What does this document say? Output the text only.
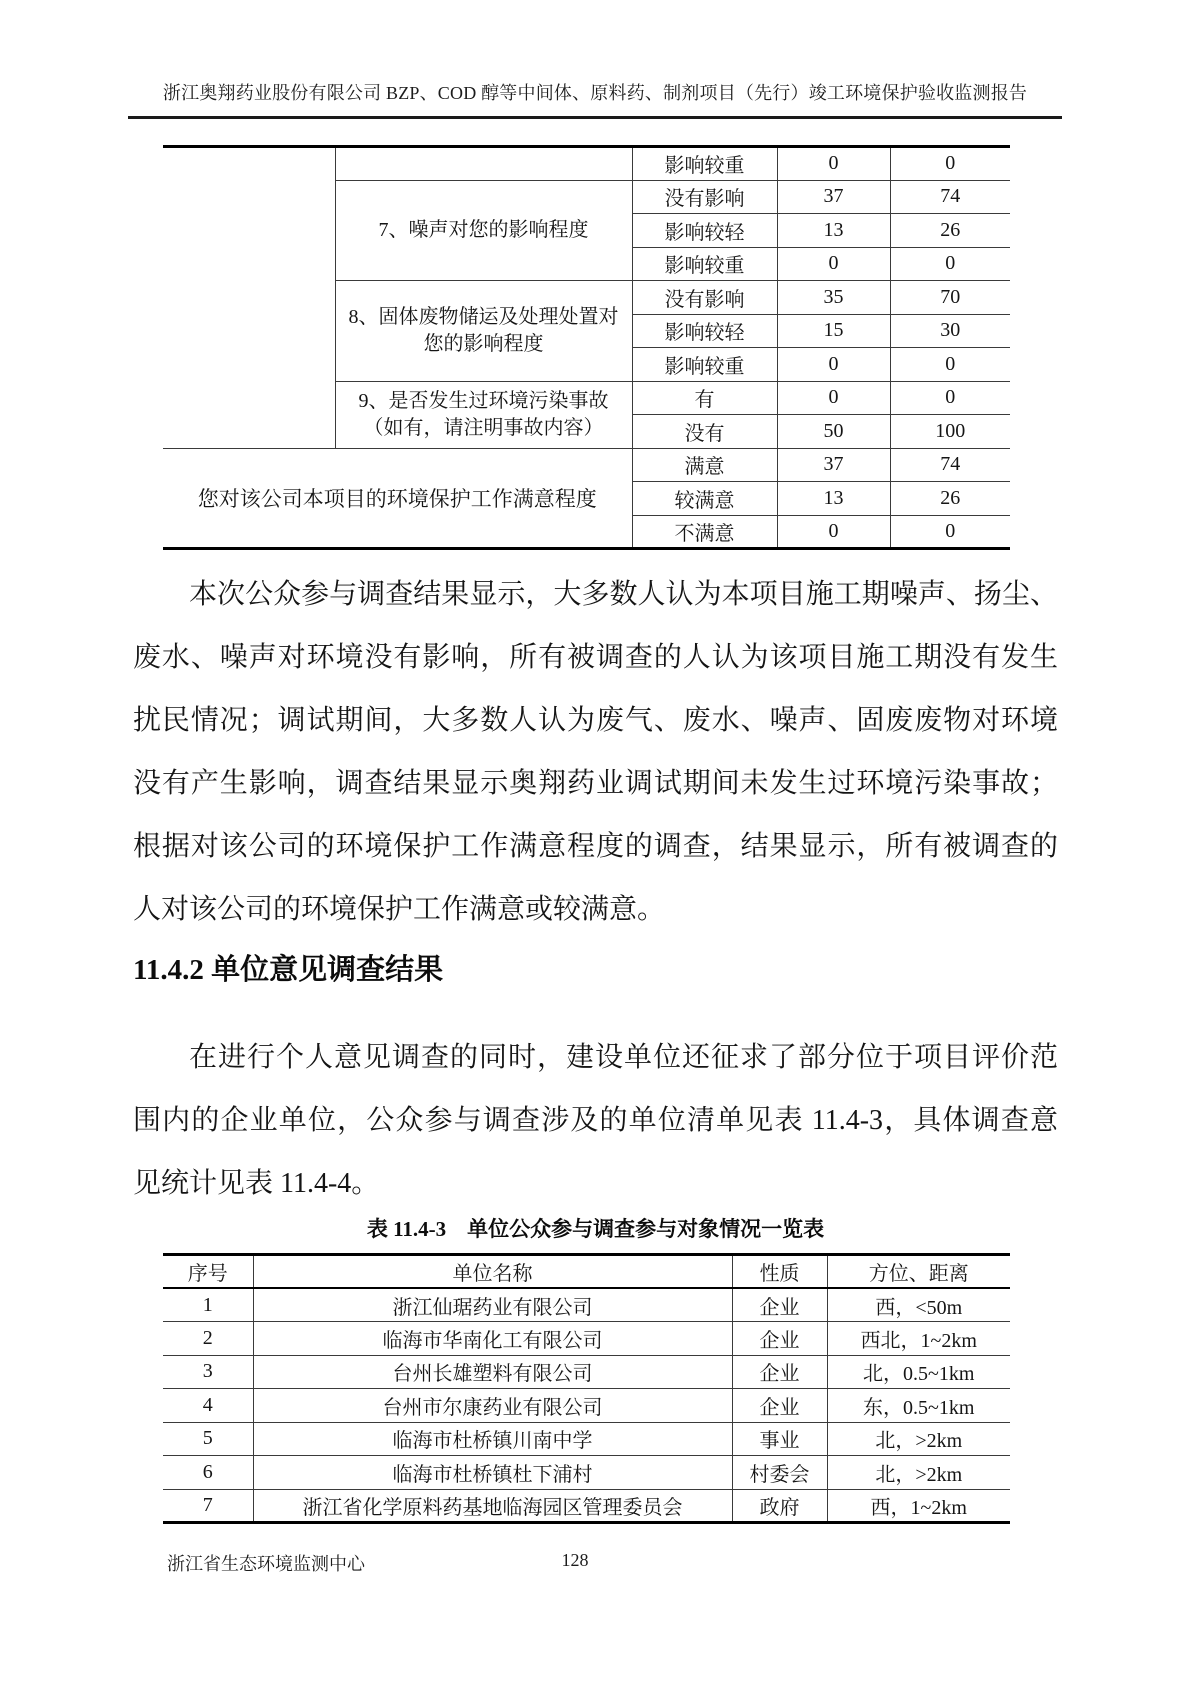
浙江奥翔药业股份有限公司 BZP、COD 醇等中间体、原料药、制剂项目（先行）竣工环境保护验收监测报告
		影响较重	0	0
	7、噪声对您的影响程度	没有影响	37	74
		影响较轻	13	26
		影响较重	0	0

	8、固体废物储运及处理处置对
您的影响程度	没有影响	35	70
		影响较轻	15	30
		影响较重	0	0

	9、是否发生过环境污染事故
（如有，请注明事故内容）	有	0	0
		没有	50	100
您对该公司本项目的环境保护工作满意程度		满意	37	74
		较满意	13	26
		不满意	0	0
本次公众参与调查结果显示，大多数人认为本项目施工期噪声、扬尘、
废水、噪声对环境没有影响，所有被调查的人认为该项目施工期没有发生
扰民情况；调试期间，大多数人认为废气、废水、噪声、固废废物对环境
没有产生影响，调查结果显示奥翔药业调试期间未发生过环境污染事故；
根据对该公司的环境保护工作满意程度的调查，结果显示，所有被调查的
人对该公司的环境保护工作满意或较满意。
11.4.2 单位意见调查结果
在进行个人意见调查的同时，建设单位还征求了部分位于项目评价范
围内的企业单位，公众参与调查涉及的单位清单见表 11.4-3，具体调查意
见统计见表 11.4-4。
表 11.4-3　单位公众参与调查参与对象情况一览表
序号	单位名称	性质	方位、距离
1	浙江仙琚药业有限公司	企业	西，<50m
2	临海市华南化工有限公司	企业	西北，1~2km
3	台州长雄塑料有限公司	企业	北，0.5~1km
4	台州市尔康药业有限公司	企业	东，0.5~1km
5	临海市杜桥镇川南中学	事业	北，>2km
6	临海市杜桥镇杜下浦村	村委会	北，>2km
7	浙江省化学原料药基地临海园区管理委员会	政府	西，1~2km
浙江省生态环境监测中心	128
